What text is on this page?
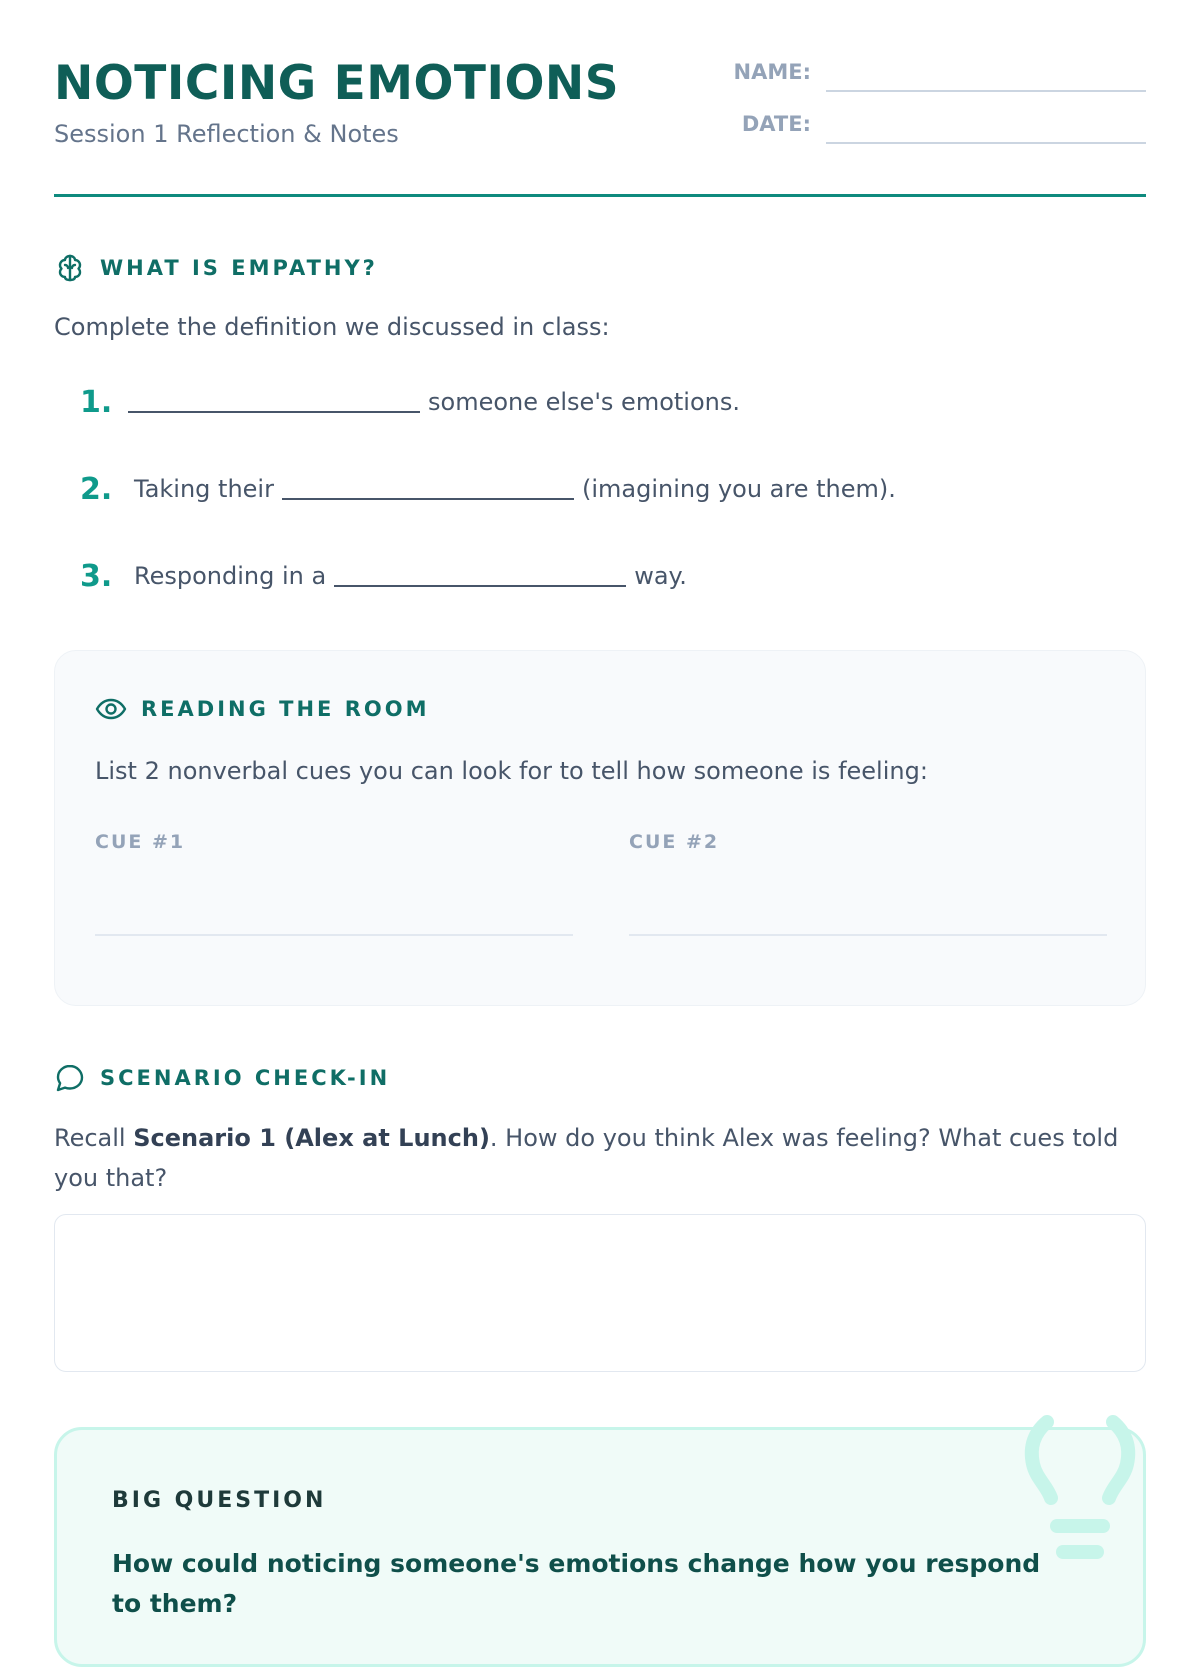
NOTICING EMOTIONS
Session 1 Reflection & Notes
NAME:
DATE:
WHAT IS EMPATHY?
Complete the definition we discussed in class:
1.	someone else's emotions.
2. Taking their	(imagining you are them).
3. Responding in a	way.
READING THE ROOM
List 2 nonverbal cues you can look for to tell how someone is feeling:
CUE #1	CUE #2
SCENARIO CHECK-IN
Recall Scenario 1 (Alex at Lunch). How do you think Alex was feeling? What cues told you that?
BIG QUESTION
How could noticing someone's emotions change how you respond to them?
